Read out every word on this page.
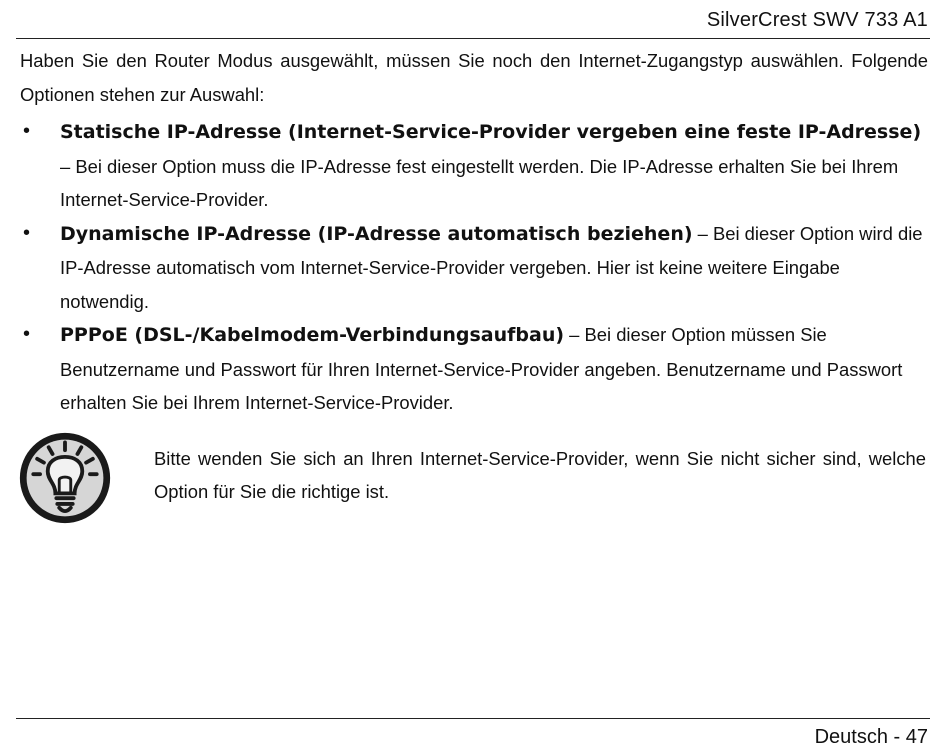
SilverCrest SWV 733 A1

Haben Sie den Router Modus ausgewählt, müssen Sie noch den Internet-Zugangstyp auswählen. Folgende Optionen stehen zur Auswahl:

• Statische IP-Adresse (Internet-Service-Provider vergeben eine feste IP-Adresse) – Bei dieser Option muss die IP-Adresse fest eingestellt werden. Die IP-Adresse erhalten Sie bei Ihrem Internet-Service-Provider.
• Dynamische IP-Adresse (IP-Adresse automatisch beziehen) – Bei dieser Option wird die IP-Adresse automatisch vom Internet-Service-Provider vergeben. Hier ist keine weitere Eingabe notwendig.
• PPPoE (DSL-/Kabelmodem-Verbindungsaufbau) – Bei dieser Option müssen Sie Benutzername und Passwort für Ihren Internet-Service-Provider angeben. Benutzername und Passwort erhalten Sie bei Ihrem Internet-Service-Provider.

Bitte wenden Sie sich an Ihren Internet-Service-Provider, wenn Sie nicht sicher sind, welche Option für Sie die richtige ist.

Deutsch - 47
